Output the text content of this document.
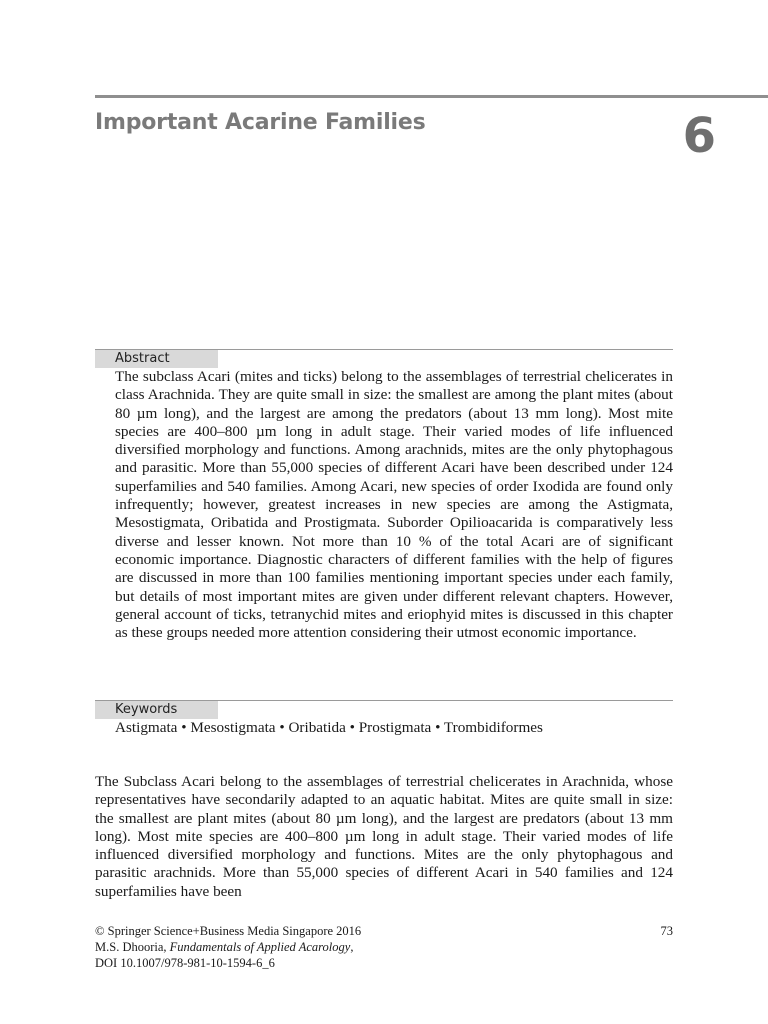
Important Acarine Families	6
Abstract

The subclass Acari (mites and ticks) belong to the assemblages of terrestrial chelicerates in class Arachnida. They are quite small in size: the smallest are among the plant mites (about 80 µm long), and the largest are among the predators (about 13 mm long). Most mite species are 400–800 µm long in adult stage. Their varied modes of life influenced diversified morphology and functions. Among arachnids, mites are the only phytophagous and parasitic. More than 55,000 species of different Acari have been described under 124 superfamilies and 540 families. Among Acari, new species of order Ixodida are found only infrequently; however, greatest increases in new species are among the Astigmata, Mesostigmata, Oribatida and Prostigmata. Suborder Opilioacarida is comparatively less diverse and lesser known. Not more than 10 % of the total Acari are of significant economic importance. Diagnostic characters of different families with the help of figures are discussed in more than 100 families mentioning important species under each family, but details of most important mites are given under different relevant chapters. However, general account of ticks, tetranychid mites and eriophyid mites is discussed in this chapter as these groups needed more attention considering their utmost economic importance.

Keywords

Astigmata • Mesostigmata • Oribatida • Prostigmata • Trombidiformes

The Subclass Acari belong to the assemblages of terrestrial chelicerates in Arachnida, whose representatives have secondarily adapted to an aquatic habitat. Mites are quite small in size: the smallest are plant mites (about 80 µm long), and the largest are predators (about 13 mm long). Most mite species are 400–800 µm long in adult stage. Their varied modes of life influenced diversified morphology and functions. Mites are the only phytophagous and parasitic arachnids. More than 55,000 species of different Acari in 540 families and 124 superfamilies have been

© Springer Science+Business Media Singapore 2016
M.S. Dhooria, Fundamentals of Applied Acarology,
DOI 10.1007/978-981-10-1594-6_6
73
